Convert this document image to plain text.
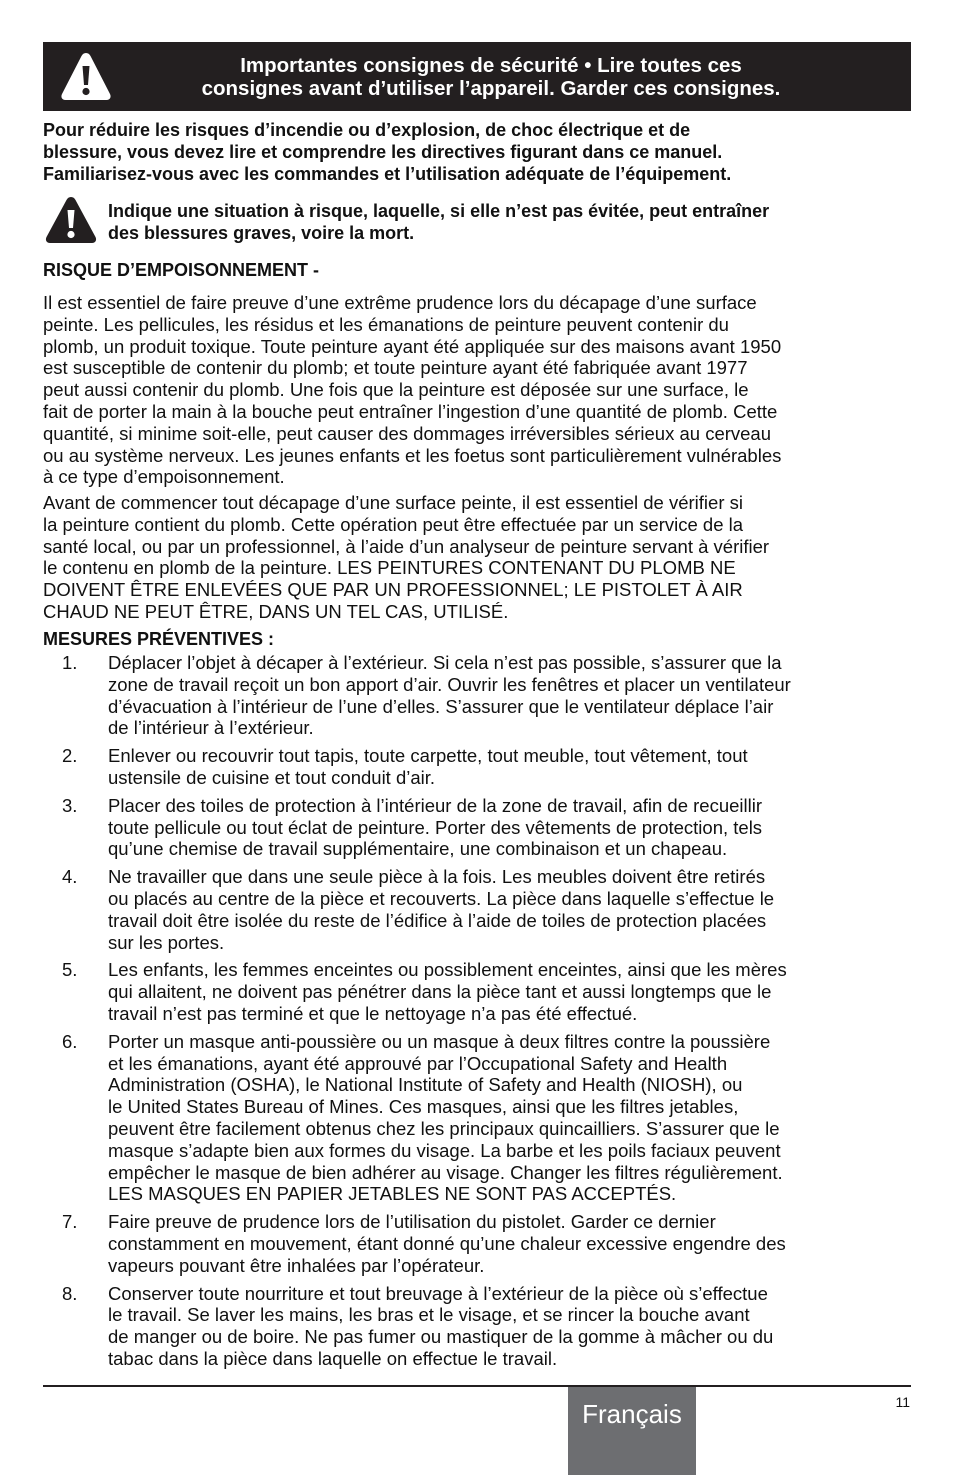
Importantes consignes de sécurité • Lire toutes ces
consignes avant d’utiliser l’appareil. Garder ces consignes.
Pour réduire les risques d’incendie ou d’explosion, de choc électrique et de
blessure, vous devez lire et comprendre les directives figurant dans ce manuel.
Familiarisez-vous avec les commandes et l’utilisation adéquate de l’équipement.
Indique une situation à risque, laquelle, si elle n’est pas évitée, peut entraîner
des blessures graves, voire la mort.
RISQUE D’EMPOISONNEMENT -
Il est essentiel de faire preuve d’une extrême prudence lors du décapage d’une surface
peinte. Les pellicules, les résidus et les émanations de peinture peuvent contenir du
plomb, un produit toxique. Toute peinture ayant été appliquée sur des maisons avant 1950
est susceptible de contenir du plomb; et toute peinture ayant été fabriquée avant 1977
peut aussi contenir du plomb. Une fois que la peinture est déposée sur une surface, le
fait de porter la main à la bouche peut entraîner l’ingestion d’une quantité de plomb. Cette
quantité, si minime soit-elle, peut causer des dommages irréversibles sérieux au cerveau
ou au système nerveux. Les jeunes enfants et les foetus sont particulièrement vulnérables
à ce type d’empoisonnement.
Avant de commencer tout décapage d’une surface peinte, il est essentiel de vérifier si
la peinture contient du plomb. Cette opération peut être effectuée par un service de la
santé local, ou par un professionnel, à l’aide d’un analyseur de peinture servant à vérifier
le contenu en plomb de la peinture. LES PEINTURES CONTENANT DU PLOMB NE
DOIVENT ÊTRE ENLEVÉES QUE PAR UN PROFESSIONNEL; LE PISTOLET À AIR
CHAUD NE PEUT ÊTRE, DANS UN TEL CAS, UTILISÉ.
MESURES PRÉVENTIVES :
1.	Déplacer l’objet à décaper à l’extérieur. Si cela n’est pas possible, s’assurer que la
zone de travail reçoit un bon apport d’air. Ouvrir les fenêtres et placer un ventilateur
d’évacuation à l’intérieur de l’une d’elles. S’assurer que le ventilateur déplace l’air
de l’intérieur à l’extérieur.
2.	Enlever ou recouvrir tout tapis, toute carpette, tout meuble, tout vêtement, tout
ustensile de cuisine et tout conduit d’air.
3.	Placer des toiles de protection à l’intérieur de la zone de travail, afin de recueillir
toute pellicule ou tout éclat de peinture. Porter des vêtements de protection, tels
qu’une chemise de travail supplémentaire, une combinaison et un chapeau.
4.	Ne travailler que dans une seule pièce à la fois. Les meubles doivent être retirés
ou placés au centre de la pièce et recouverts. La pièce dans laquelle s’effectue le
travail doit être isolée du reste de l’édifice à l’aide de toiles de protection placées
sur les portes.
5.	Les enfants, les femmes enceintes ou possiblement enceintes, ainsi que les mères
qui allaitent, ne doivent pas pénétrer dans la pièce tant et aussi longtemps que le
travail n’est pas terminé et que le nettoyage n’a pas été effectué.
6.	Porter un masque anti-poussière ou un masque à deux filtres contre la poussière
et les émanations, ayant été approuvé par l’Occupational Safety and Health
Administration (OSHA), le National Institute of Safety and Health (NIOSH), ou
le United States Bureau of Mines. Ces masques, ainsi que les filtres jetables,
peuvent être facilement obtenus chez les principaux quincailliers. S’assurer que le
masque s’adapte bien aux formes du visage. La barbe et les poils faciaux peuvent
empêcher le masque de bien adhérer au visage. Changer les filtres régulièrement.
LES MASQUES EN PAPIER JETABLES NE SONT PAS ACCEPTÉS.
7.	Faire preuve de prudence lors de l’utilisation du pistolet. Garder ce dernier
constamment en mouvement, étant donné qu’une chaleur excessive engendre des
vapeurs pouvant être inhalées par l’opérateur.
8.	Conserver toute nourriture et tout breuvage à l’extérieur de la pièce où s’effectue
le travail. Se laver les mains, les bras et le visage, et se rincer la bouche avant
de manger ou de boire. Ne pas fumer ou mastiquer de la gomme à mâcher ou du
tabac dans la pièce dans laquelle on effectue le travail.
Français	11
